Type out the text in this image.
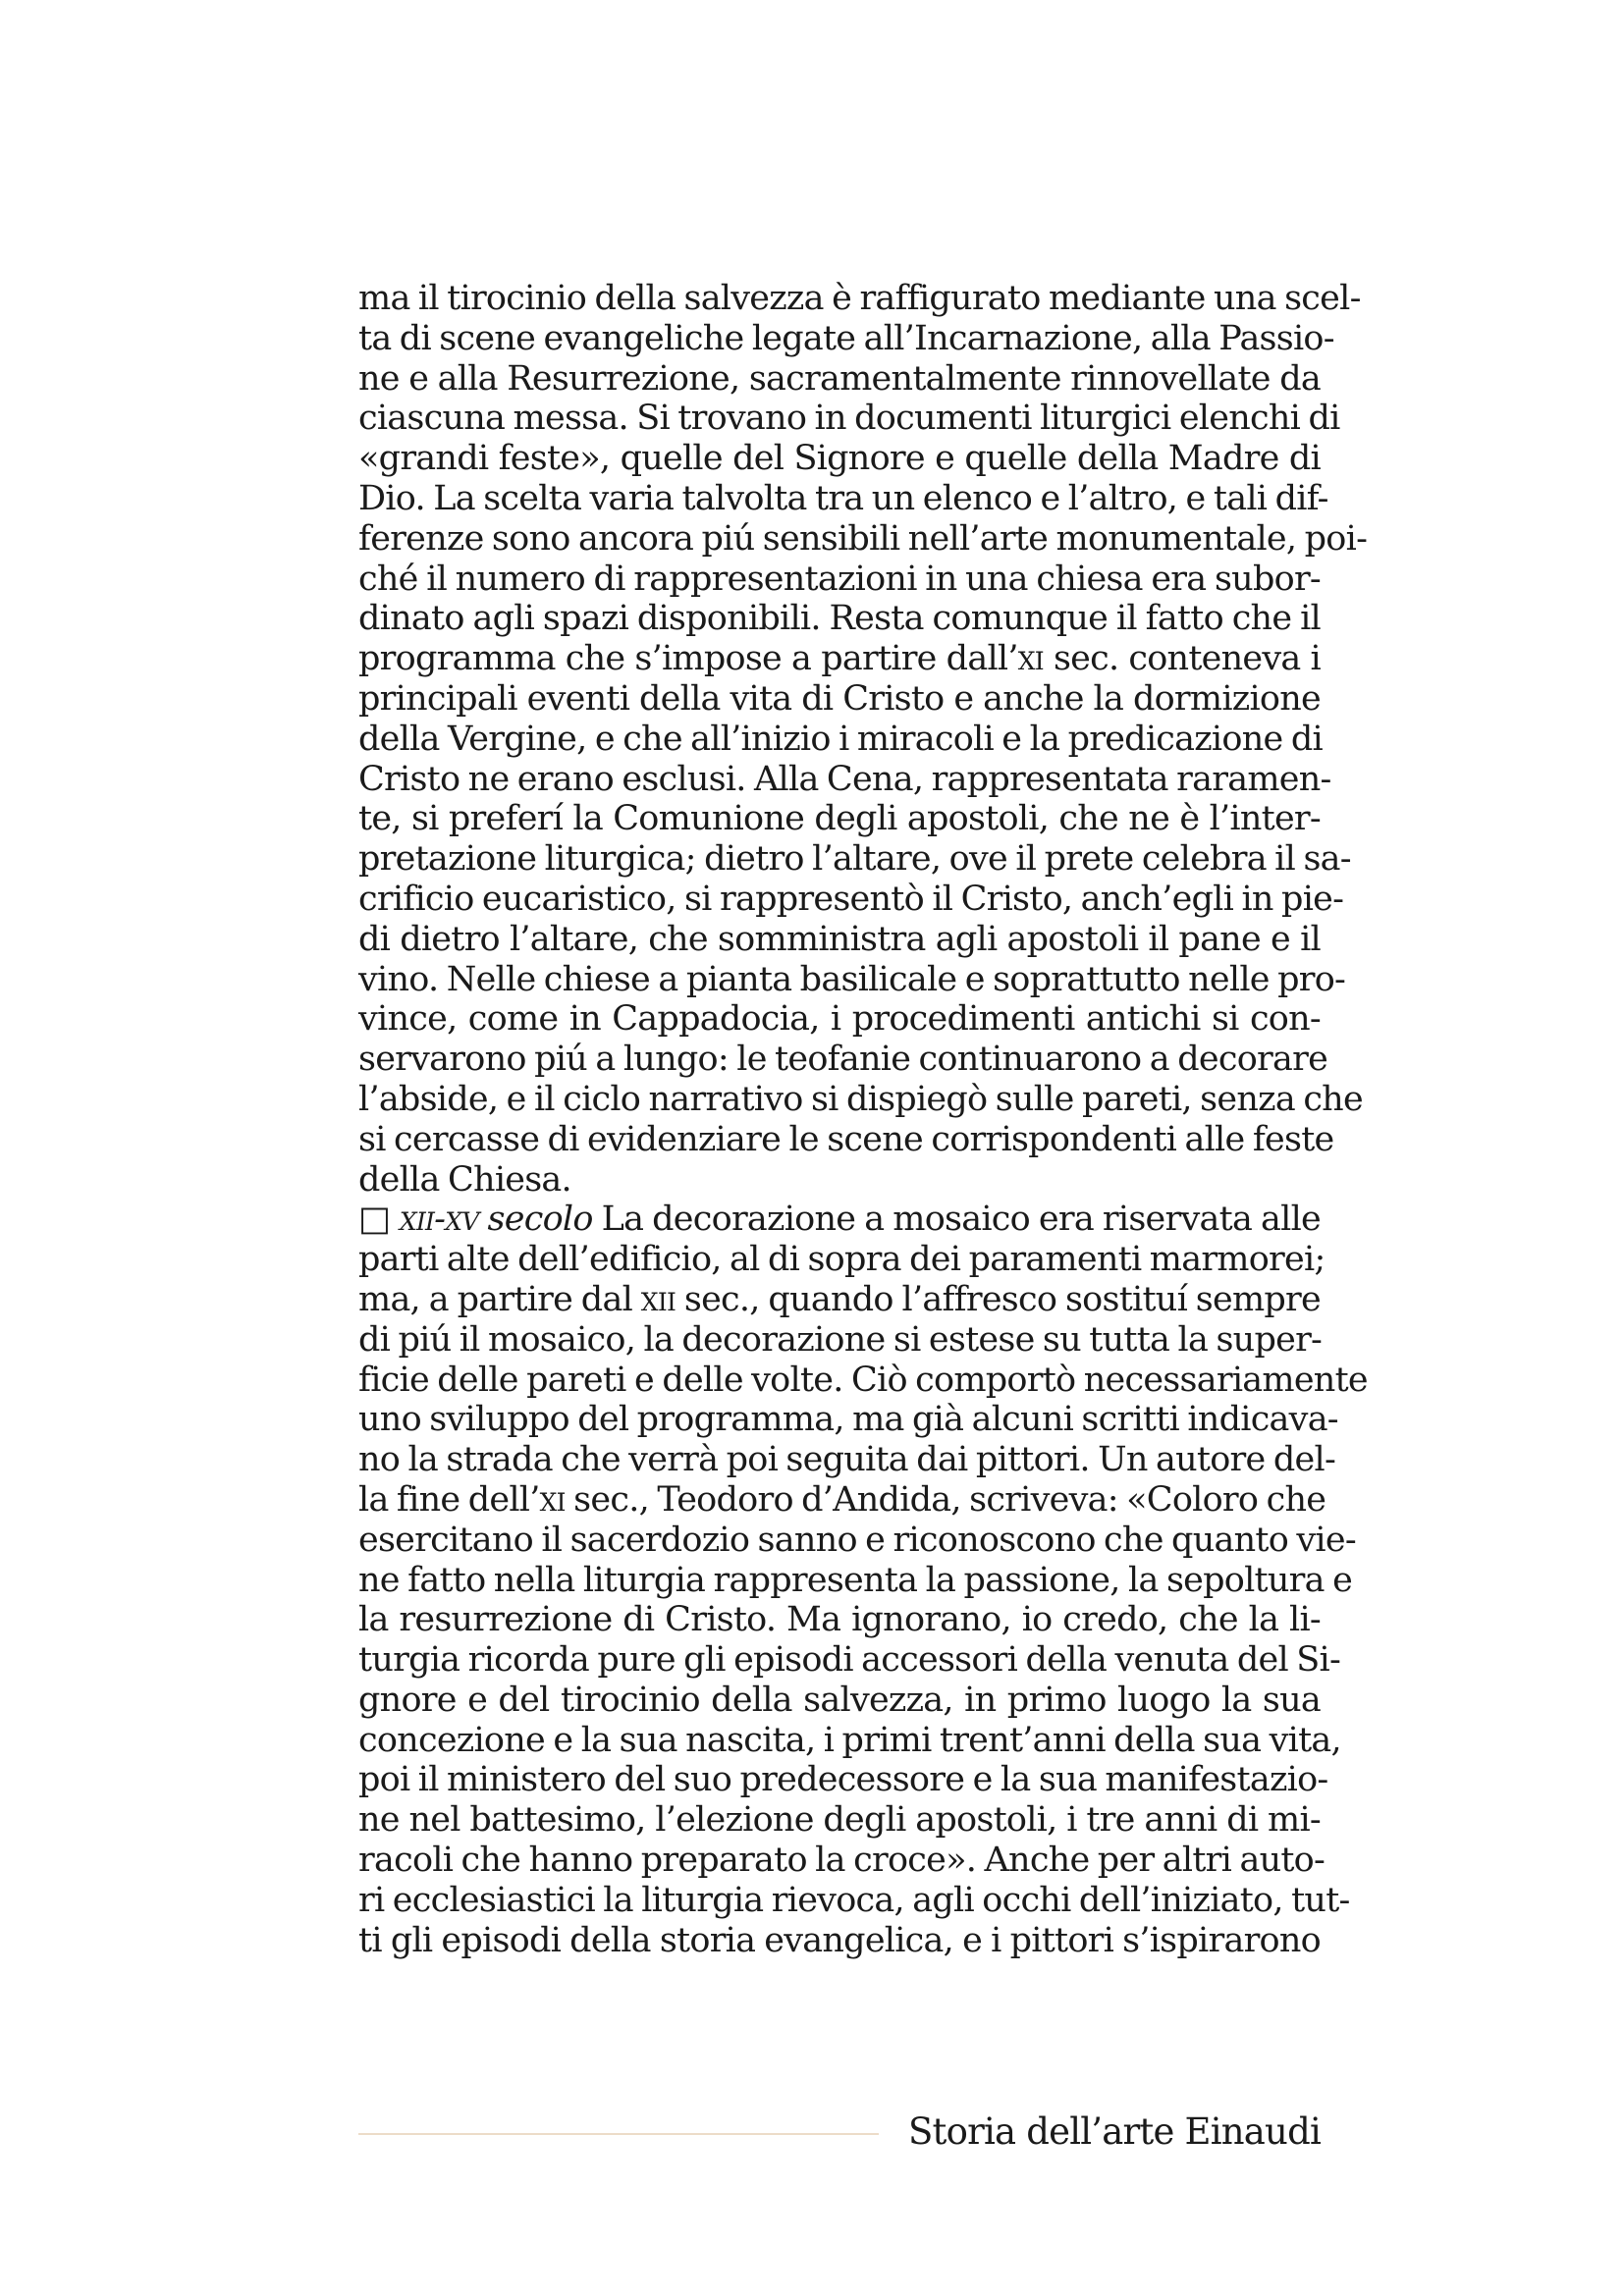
ma il tirocinio della salvezza è raffigurato mediante una scel-
ta di scene evangeliche legate all’Incarnazione, alla Passio-
ne e alla Resurrezione, sacramentalmente rinnovellate da
ciascuna messa. Si trovano in documenti liturgici elenchi di
«grandi feste», quelle del Signore e quelle della Madre di
Dio. La scelta varia talvolta tra un elenco e l’altro, e tali dif-
ferenze sono ancora piú sensibili nell’arte monumentale, poi-
ché il numero di rappresentazioni in una chiesa era subor-
dinato agli spazi disponibili. Resta comunque il fatto che il
programma che s’impose a partire dall’xi sec. conteneva i
principali eventi della vita di Cristo e anche la dormizione
della Vergine, e che all’inizio i miracoli e la predicazione di
Cristo ne erano esclusi. Alla Cena, rappresentata raramen-
te, si preferí la Comunione degli apostoli, che ne è l’inter-
pretazione liturgica; dietro l’altare, ove il prete celebra il sa-
crificio eucaristico, si rappresentò il Cristo, anch’egli in pie-
di dietro l’altare, che somministra agli apostoli il pane e il
vino. Nelle chiese a pianta basilicale e soprattutto nelle pro-
vince, come in Cappadocia, i procedimenti antichi si con-
servarono piú a lungo: le teofanie continuarono a decorare
l’abside, e il ciclo narrativo si dispiegò sulle pareti, senza che
si cercasse di evidenziare le scene corrispondenti alle feste
della Chiesa.
□ xii-xv secolo La decorazione a mosaico era riservata alle
parti alte dell’edificio, al di sopra dei paramenti marmorei;
ma, a partire dal xii sec., quando l’affresco sostituí sempre
di piú il mosaico, la decorazione si estese su tutta la super-
ficie delle pareti e delle volte. Ciò comportò necessariamente
uno sviluppo del programma, ma già alcuni scritti indicava-
no la strada che verrà poi seguita dai pittori. Un autore del-
la fine dell’xi sec., Teodoro d’Andida, scriveva: «Coloro che
esercitano il sacerdozio sanno e riconoscono che quanto vie-
ne fatto nella liturgia rappresenta la passione, la sepoltura e
la resurrezione di Cristo. Ma ignorano, io credo, che la li-
turgia ricorda pure gli episodi accessori della venuta del Si-
gnore e del tirocinio della salvezza, in primo luogo la sua
concezione e la sua nascita, i primi trent’anni della sua vita,
poi il ministero del suo predecessore e la sua manifestazio-
ne nel battesimo, l’elezione degli apostoli, i tre anni di mi-
racoli che hanno preparato la croce». Anche per altri auto-
ri ecclesiastici la liturgia rievoca, agli occhi dell’iniziato, tut-
ti gli episodi della storia evangelica, e i pittori s’ispirarono
Storia dell’arte Einaudi
